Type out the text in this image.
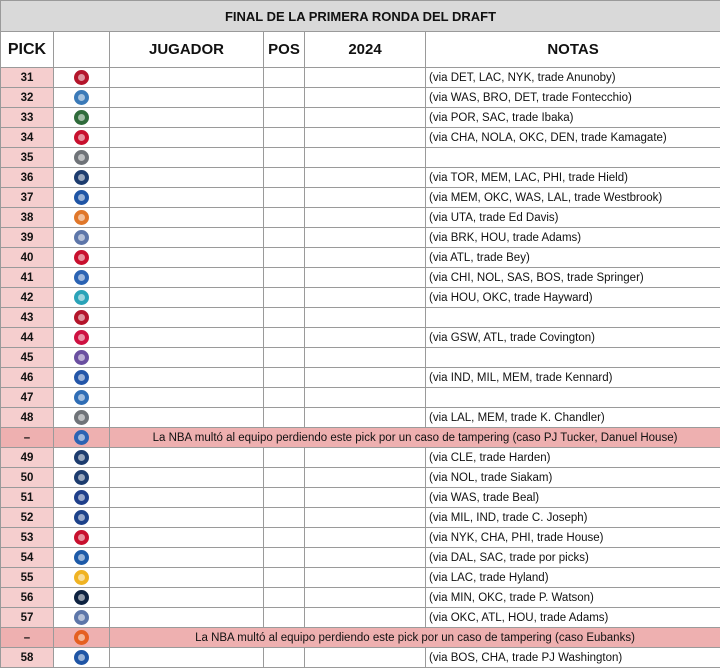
FINAL DE LA PRIMERA RONDA DEL DRAFT					
PICK		JUGADOR	POS	2024	NOTAS
31					(via DET, LAC, NYK, trade Anunoby)
32					(via WAS, BRO, DET, trade Fontecchio)
33					(via POR, SAC, trade Ibaka)
34					(via CHA, NOLA, OKC, DEN, trade Kamagate)
35					
36					(via TOR, MEM, LAC, PHI, trade Hield)
37					(via MEM, OKC, WAS, LAL, trade Westbrook)
38					(via UTA, trade Ed Davis)
39					(via BRK, HOU, trade Adams)
40					(via ATL, trade Bey)
41					(via CHI, NOL, SAS, BOS, trade Springer)
42					(via HOU, OKC, trade Hayward)
43					
44					(via GSW, ATL, trade Covington)
45					
46					(via IND, MIL, MEM, trade Kennard)
47					
48					(via LAL, MEM, trade K. Chandler)
–		La NBA multó al equipo perdiendo este pick por un caso de tampering (caso PJ Tucker, Danuel House)			
49					(via CLE, trade Harden)
50					(via NOL, trade Siakam)
51					(via WAS, trade Beal)
52					(via MIL, IND, trade C. Joseph)
53					(via NYK, CHA, PHI, trade House)
54					(via DAL, SAC, trade por picks)
55					(via LAC, trade Hyland)
56					(via MIN, OKC, trade P. Watson)
57					(via OKC, ATL, HOU, trade Adams)
–		La NBA multó al equipo perdiendo este pick por un caso de tampering (caso Eubanks)			
58					(via BOS, CHA, trade PJ Washington)
